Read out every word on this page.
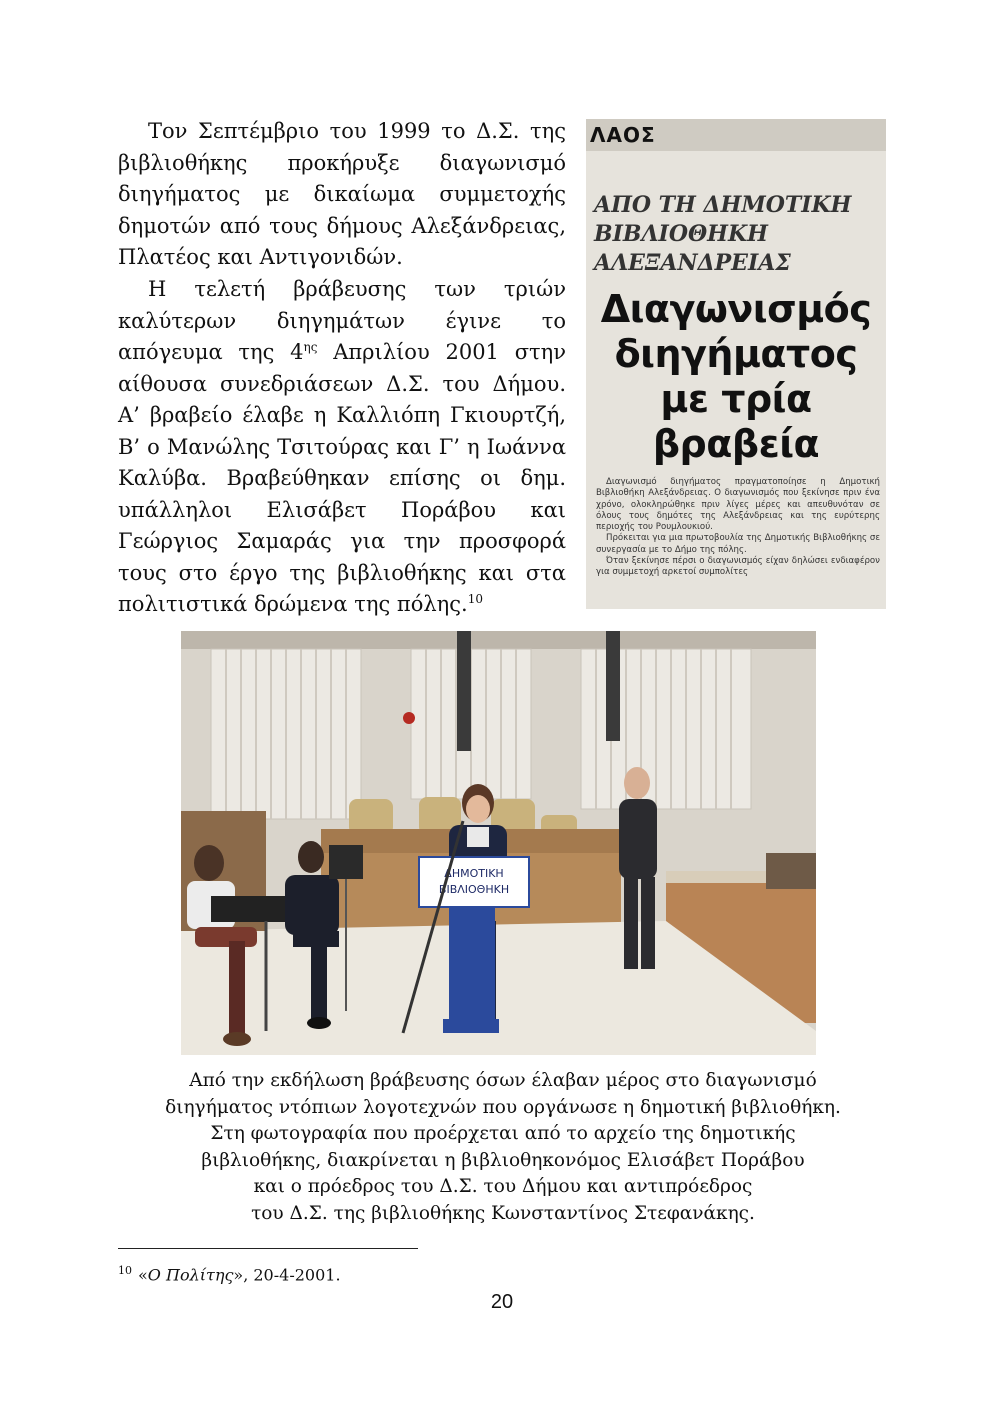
Τον Σεπτέμβριο του 1999 το Δ.Σ. της βιβλιοθήκης προκήρυξε διαγωνισμό διηγήματος με δικαίωμα συμμετοχής δημοτών από τους δήμους Αλεξάνδρειας, Πλατέος και Αντιγονιδών.

Η τελετή βράβευσης των τριών καλύτερων διηγημάτων έγινε το απόγευμα της $4^{\eta\varsigma}$ Απριλίου 2001 στην αίθουσα συνεδριάσεων Δ.Σ. του Δήμου. Α’ βραβείο έλαβε η Καλλιόπη Γκιουρτζή, Β’ ο Μανώλης Τσιτούρας και Γ’ η Ιωάννα Καλύβα. Βραβεύθηκαν επίσης οι δημ. υπάλληλοι Ελισάβετ Πoράβου και Γεώργιος Σαμαράς για την προσφορά τους στο έργο της βιβλιοθήκης και στα πολιτιστικά δρώμενα της πόλης.$^{10}$

ΛΑΟΣ
ΑΠΟ ΤΗ ΔΗΜΟΤΙΚΗ
ΒΙΒΛΙΟΘΗΚΗ
ΑΛΕΞΑΝΔΡΕΙΑΣ
Διαγωνισμός
διηγήματος
με τρία
βραβεία

Διαγωνισμό διηγήματος πραγματοποίησε η Δημοτική Βιβλιοθήκη Αλεξάνδρειας. Ο διαγωνισμός που ξεκίνησε πριν ένα χρόνο, ολοκληρώθηκε πριν λίγες μέρες και απευθυνόταν σε όλους τους δημότες της Αλεξάνδρειας και της ευρύτερης περιοχής του Ρουμλουκιού.

Πρόκειται για μια πρωτοβουλία της Δημοτικής Βιβλιοθήκης σε συνεργασία με το Δήμο της πόλης.

Όταν ξεκίνησε πέρσι ο διαγωνισμός είχαν δηλώσει ενδιαφέρον για συμμετοχή αρκετοί συμπολίτες

ΔΗΜΟΤΙΚΗ
ΒΙΒΛΙΟΘΗΚΗ

Από την εκδήλωση βράβευσης όσων έλαβαν μέρος στο διαγωνισμό
διηγήματος ντόπιων λογοτεχνών που οργάνωσε η δημοτική βιβλιοθήκη.
Στη φωτογραφία που προέρχεται από το αρχείο της δημοτικής
βιβλιοθήκης, διακρίνεται η βιβλιοθηκονόμος Ελισάβετ Πoράβου
και ο πρόεδρος του Δ.Σ. του Δήμου και αντιπρόεδρος
του Δ.Σ. της βιβλιοθήκης Κωνσταντίνος Στεφανάκης.

$^{10}$ «Ο Πολίτης», 20-4-2001.
20
